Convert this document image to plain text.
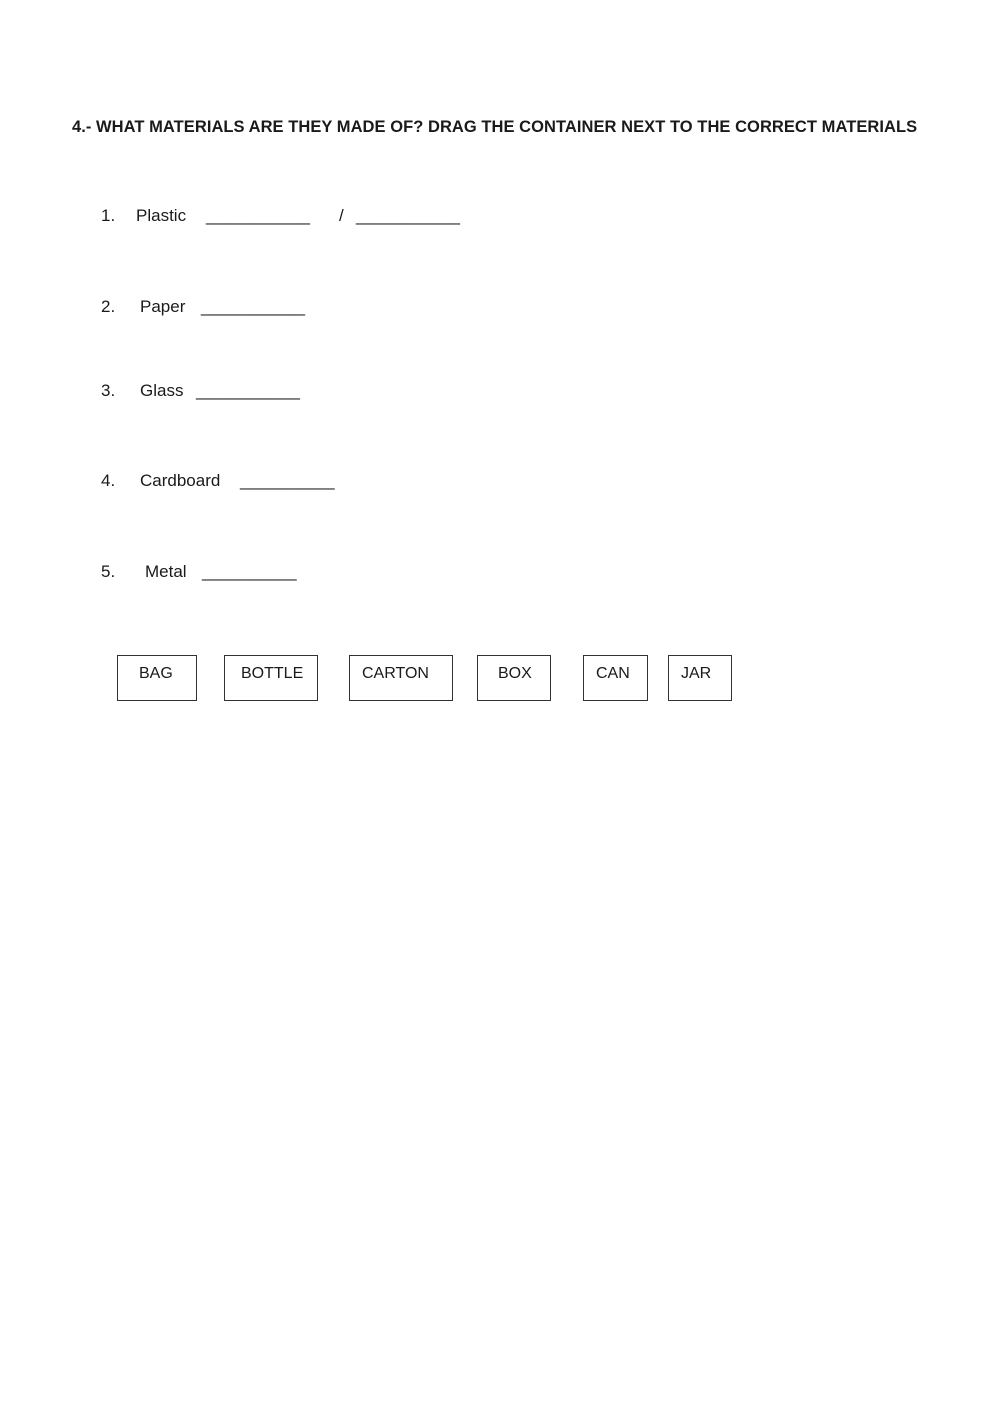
4.- WHAT MATERIALS ARE THEY MADE OF? DRAG THE CONTAINER NEXT TO THE CORRECT MATERIALS
1. Plastic ___________ / ___________
2. Paper ___________
3. Glass ___________
4. Cardboard __________
5. Metal __________
BAG	BOTTLE	CARTON	BOX	CAN	JAR
